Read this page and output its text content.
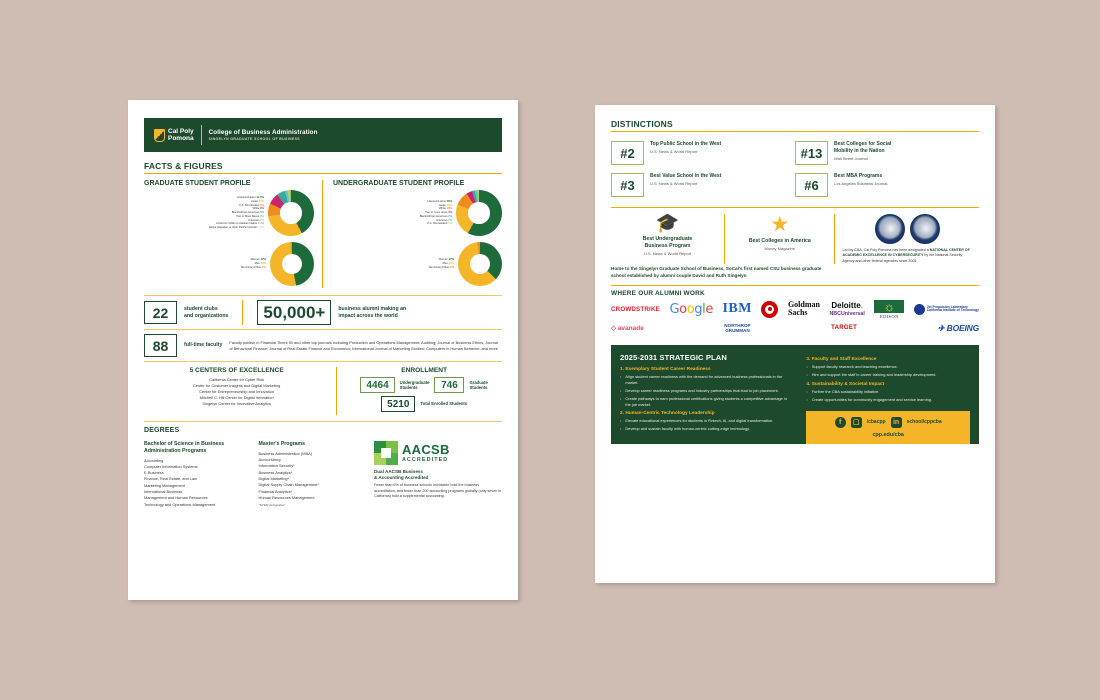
Cal Poly
Pomona
College of Business Administration
SINGELYN GRADUATE SCHOOL OF BUSINESS
FACTS & FIGURES
GRADUATE STUDENT PROFILE
Hispanic/Latino 42.5%
Asian 31%
U.S. Nonresident 9%
White 8%
Black/African American 6%
Two or More Races 2%
Unknown 2%
American Indian or Alaskan Native 0.4%
Native Hawaiian or other Pacific Islander 0.1%
Women 47%
Men 52%
Non-binary/Other 1%
UNDERGRADUATE STUDENT PROFILE
Hispanic/Latino 58%
Asian 23%
White 10%
Two or more races 4%
Black/African American 2%
Unknown 2%
U.S. Nonresident 1%
Women 37%
Men 61%
Non-binary/Other 2%
22	student clubs
and organizations	50,000+	business alumni making an
impact across the world
88	full-time faculty Faculty publish in Financial Times 50 and other top journals including Production and Operations Management; Auditing; Journal of Business Ethics; Journal of Behavioral Finance; Journal of Real Estate Finance and Economics; International Journal of Marketing Studies; Computers in Human Behavior; and more
5 CENTERS OF EXCELLENCE
California Center for Cyber Risk
Center for Customer Insights and Digital Marketing
Center for Entrepreneurship and Innovation
Mitchell C. Hill Center for Digital Innovation
Singelyn Center for Innovative Analytics
ENROLLMENT
4464	Undergraduate
Students	746	Graduate
Students
5210	Total Enrolled Students
DEGREES
Bachelor of Science in Business
Administration Programs
Accounting
Computer Information Systems
E-Business
Finance, Real Estate, and Law
Marketing Management
International Business
Management and Human Resources
Technology and Operations Management
Master's Programs
Business Administration (MBA)
Accountancy
Information Security*
Business Analytics*
Digital Marketing*
Digital Supply Chain Management*
Financial Analytics*
Human Resources Management
*STEM designated
AACSB
ACCREDITED
Dual AACSB Business
& Accounting Accredited
Fewer than 6% of business schools worldwide hold the business accreditation, and fewer than 200 accounting programs globally (only seven in California) hold a supplemental accounting.
DISTINCTIONS
#2
Top Public School in the West
U.S. News & World Report	#13
Best Colleges for Social
Mobility in the Nation
Wall Street Journal
#3
Best Value School in the West
U.S. News & World Report	#6
Best MBA Programs
Los Angeles Business Journal
🎓
Best Undergraduate
Business Program
U.S. News & World Report
★
Best Colleges in America
Money Magazine	Led by CBA, Cal Poly Pomona has been designated a NATIONAL CENTER OF ACADEMIC EXCELLENCE IN CYBERSECURITY by the National Security Agency and other federal agencies since 2005
Home to the Singelyn Graduate School of Business, SoCal's first named CSU business graduate school established by alumni couple David and Ruth Singelyn
WHERE OUR ALUMNI WORK
CROWDSTRIKE Google IBM	Goldman
Sachs
Deloitte.
NBCUniversal
☼
EDISON
Jet Propulsion Laboratory
California Institute of Technology
◇ avanade	NORTHROP
GRUMMAN	TARGET	✈ BOEING
2025-2031 STRATEGIC PLAN
1. Exemplary Student Career Readiness
• Align student career readiness with the demand for advanced business professionals in the market.
• Develop career readiness programs and industry partnerships that lead to job placement.
• Create pathways to earn professional certifications giving students a competitive advantage in the job market.
2. Human-Centric Technology Leadership
• Elevate educational experiences for students in Fintech, AI, and digital transformation.
• Develop and sustain faculty with human-centric cutting-edge technology.
3. Faculty and Staff Excellence
• Support faculty research and teaching excellence.
• Hire and support the staff in career training and leadership development.
4. Sustainability & Societal Impact
• Further the CBA sustainability initiative.
• Create opportunities for community engagement and service learning.
f	▢	/cbacpp	in	school/cppcba
cpp.edu/cba
